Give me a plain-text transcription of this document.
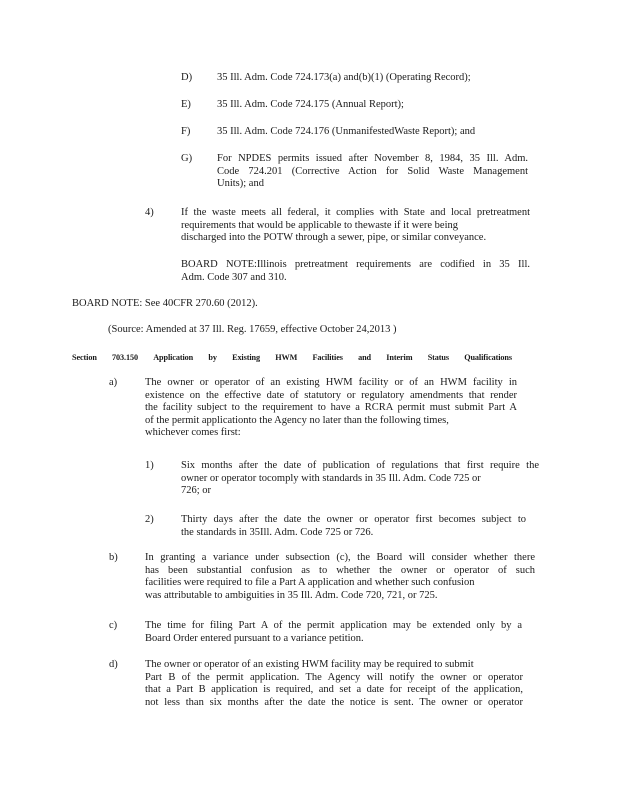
D) 35 Ill. Adm. Code 724.173(a) and(b)(1) (Operating Record);
E) 35 Ill. Adm. Code 724.175 (Annual Report);
F)	35 Ill. Adm. Code 724.176 (UnmanifestedWaste Report); and
G) For NPDES permits issued after November 8, 1984, 35 Ill. Adm.
Code 724.201 (Corrective Action for Solid Waste Management
Units); and
4)	If the waste meets all federal, it complies with State and local pretreatment
requirements that would be applicable to thewaste if it were being
discharged into the POTW through a sewer, pipe, or similar conveyance.
BOARD NOTE:Illinois pretreatment requirements are codified in 35 Ill.
Adm. Code 307 and 310.
BOARD NOTE: See 40CFR 270.60 (2012).
(Source: Amended at 37 Ill. Reg. 17659, effective October 24,2013 )
Section 703.150 Application by Existing HWM Facilities and Interim Status Qualifications
a)	The owner or operator of an existing HWM facility or of an HWM facility in
existence on the effective date of statutory or regulatory amendments that render
the facility subject to the requirement to have a RCRA permit must submit Part A
of the permit applicationto the Agency no later than the following times,
whichever comes first:
1)	Six months after the date of publication of regulations that first require the
owner or operator tocomply with standards in 35 Ill. Adm. Code 725 or
726; or
2)	Thirty days after the date the owner or operator first becomes subject to
the standards in 35Ill. Adm. Code 725 or 726.
b)	In granting a variance under subsection (c), the Board will consider whether there
has been substantial confusion as to whether the owner or operator of such
facilities were required to file a Part A application and whether such confusion
was attributable to ambiguities in 35 Ill. Adm. Code 720, 721, or 725.
c)	The time for filing Part A of the permit application may be extended only by a
Board Order entered pursuant to a variance petition.
d)	The owner or operator of an existing HWM facility may be required to submit
Part B of the permit application. The Agency will notify the owner or operator
that a Part B application is required, and set a date for receipt of the application,
not less than six months after the date the notice is sent. The owner or operator
